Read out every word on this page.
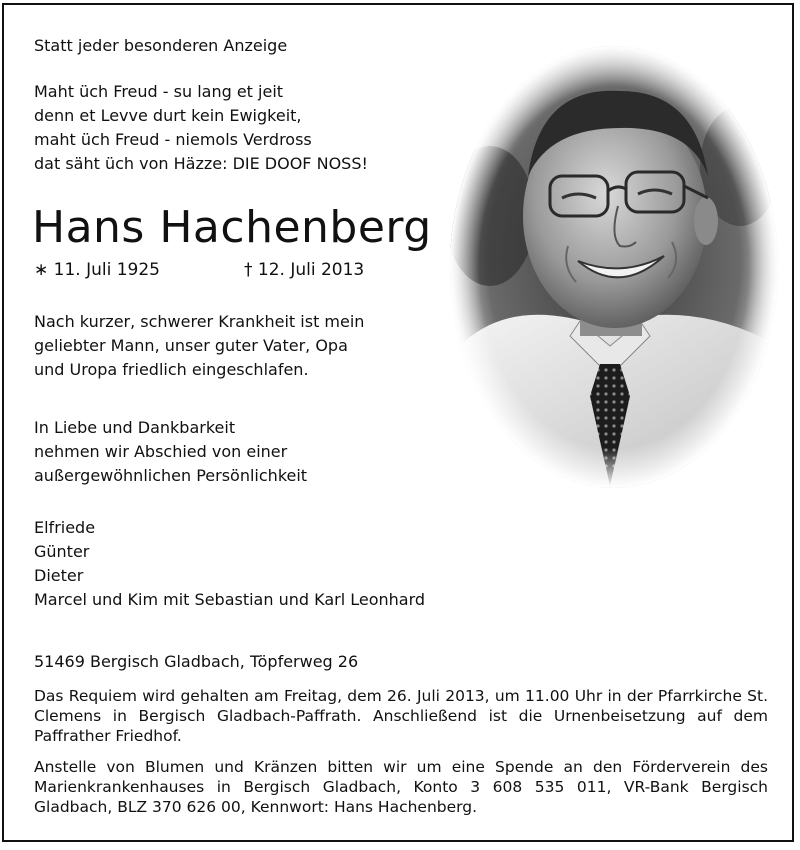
Statt jeder besonderen Anzeige

Maht üch Freud - su lang et jeit
denn et Levve durt kein Ewigkeit,
maht üch Freud - niemols Verdross
dat säht üch von Häzze: DIE DOOF NOSS!
Hans Hachenberg
∗ 11. Juli 1925	† 12. Juli 2013
Nach kurzer, schwerer Krankheit ist mein
geliebter Mann, unser guter Vater, Opa
und Uropa friedlich eingeschlafen.
In Liebe und Dankbarkeit
nehmen wir Abschied von einer
außergewöhnlichen Persönlichkeit
Elfriede
Günter
Dieter
Marcel und Kim mit Sebastian und Karl Leonhard

51469 Bergisch Gladbach, Töpferweg 26

Das Requiem wird gehalten am Freitag, dem 26. Juli 2013, um 11.00 Uhr in der Pfarrkirche St. Clemens in Bergisch Gladbach-Paffrath. Anschließend ist die Urnenbeisetzung auf dem Paffrather Friedhof.

Anstelle von Blumen und Kränzen bitten wir um eine Spende an den Förderverein des Marienkrankenhauses in Bergisch Gladbach, Konto 3 608 535 011, VR-Bank Bergisch Gladbach, BLZ 370 626 00, Kennwort: Hans Hachenberg.
